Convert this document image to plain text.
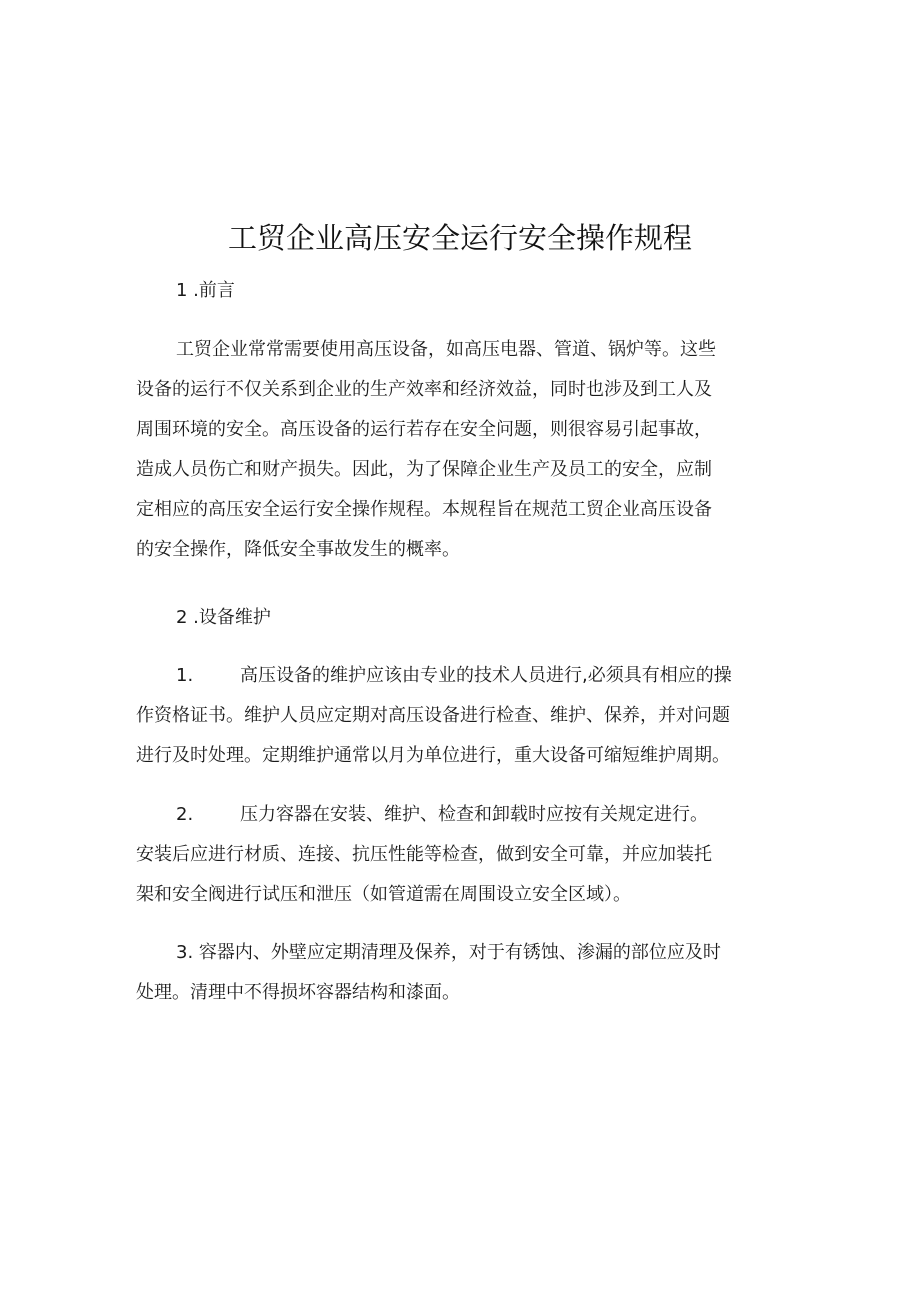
工贸企业高压安全运行安全操作规程
1 .前言
工贸企业常常需要使用高压设备，如高压电器、管道、锅炉等。这些
设备的运行不仅关系到企业的生产效率和经济效益，同时也涉及到工人及
周围环境的安全。高压设备的运行若存在安全问题，则很容易引起事故，
造成人员伤亡和财产损失。因此，为了保障企业生产及员工的安全，应制
定相应的高压安全运行安全操作规程。本规程旨在规范工贸企业高压设备
的安全操作，降低安全事故发生的概率。
2 .设备维护
1.	高压设备的维护应该由专业的技术人员进行,必须具有相应的操
作资格证书。维护人员应定期对高压设备进行检查、维护、保养，并对问题
进行及时处理。定期维护通常以月为单位进行，重大设备可缩短维护周期。
2.	压力容器在安装、维护、检查和卸载时应按有关规定进行。
安装后应进行材质、连接、抗压性能等检查，做到安全可靠，并应加装托
架和安全阀进行试压和泄压（如管道需在周围设立安全区域）。
3. 容器内、外壁应定期清理及保养，对于有锈蚀、渗漏的部位应及时
处理。清理中不得损坏容器结构和漆面。
